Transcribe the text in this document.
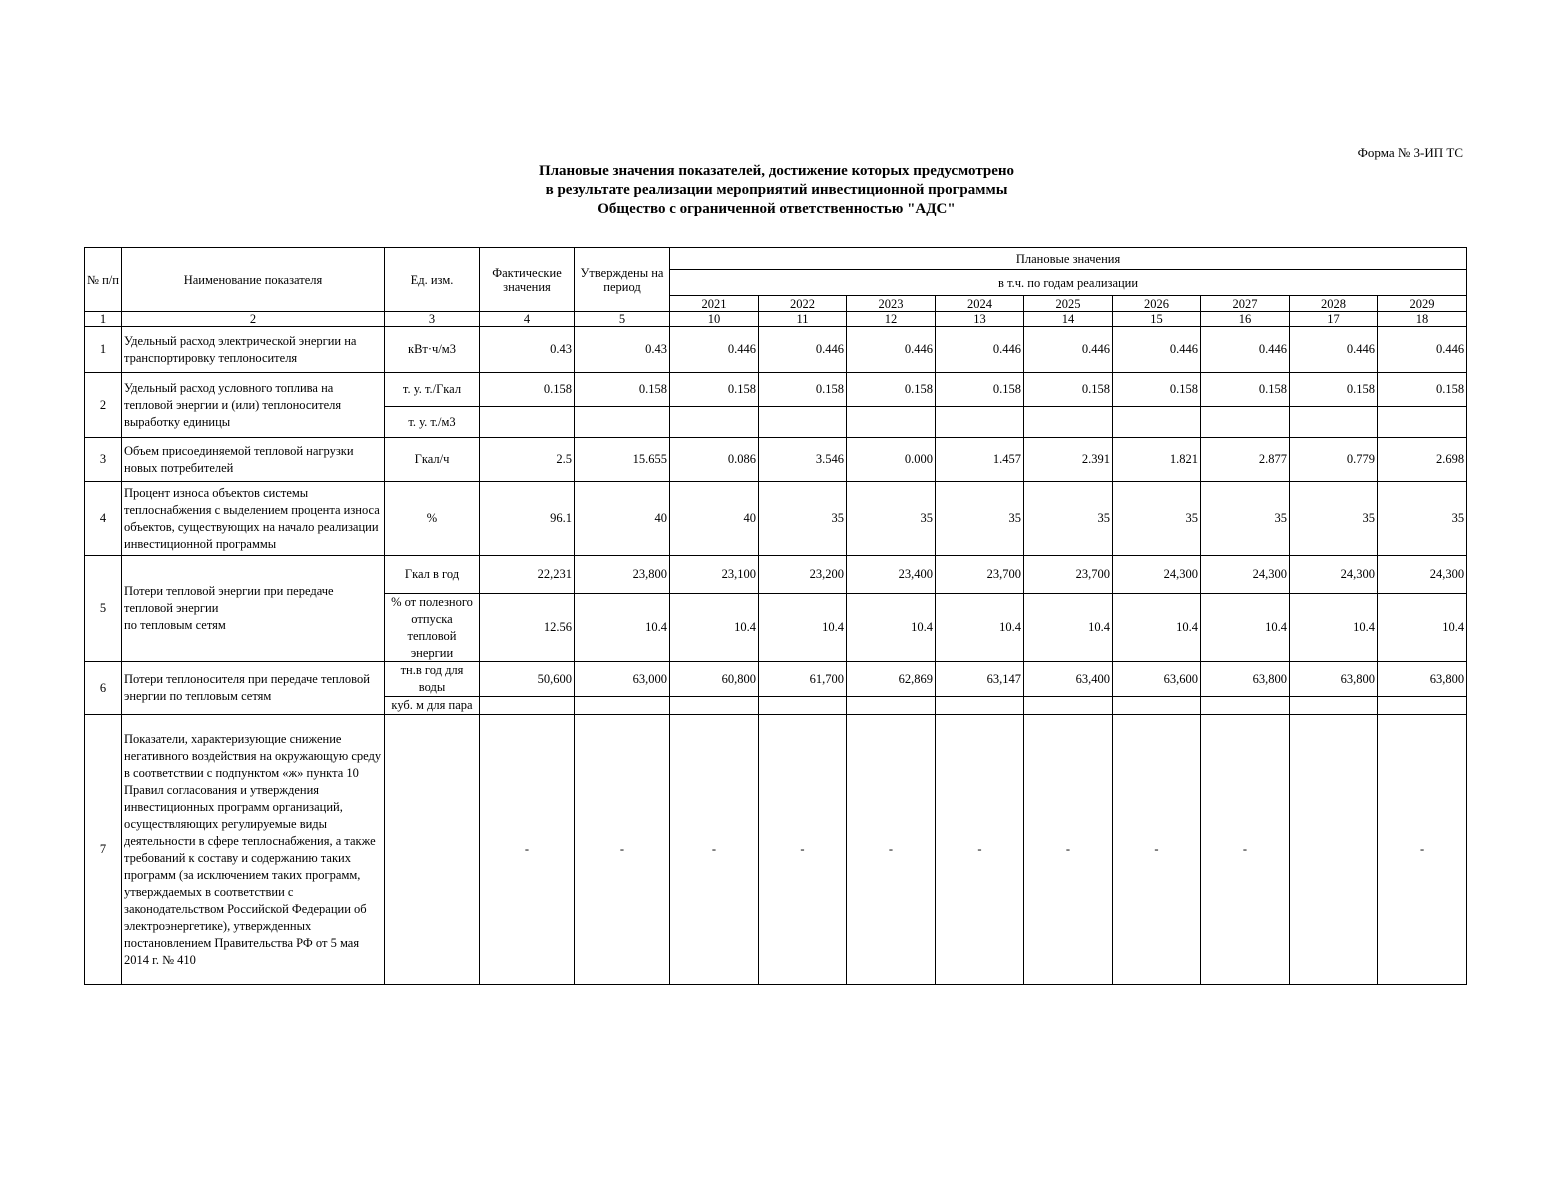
Форма № 3-ИП ТС
Плановые значения показателей, достижение которых предусмотрено
в результате реализации мероприятий инвестиционной программы
Общество с ограниченной ответственностью "АДС"
№ п/п	Наименование показателя	Ед. изм.	Фактические значения	Утверждены на период	Плановые значения								
					в т.ч. по годам реализации								
					2021	2022	2023	2024	2025	2026	2027	2028	2029
1	2	3	4	5	10	11	12	13	14	15	16	17	18
1	Удельный расход электрической энергии на транспортировку теплоносителя	кВт·ч/м3	0.43	0.43	0.446	0.446	0.446	0.446	0.446	0.446	0.446	0.446	0.446
2	Удельный расход условного топлива на тепловой энергии и (или) теплоносителя выработку единицы	т. у. т./Гкал	0.158	0.158	0.158	0.158	0.158	0.158	0.158	0.158	0.158	0.158	0.158
		т. у. т./м3											
3	Объем присоединяемой тепловой нагрузки новых потребителей	Гкал/ч	2.5	15.655	0.086	3.546	0.000	1.457	2.391	1.821	2.877	0.779	2.698
4	Процент износа объектов системы теплоснабжения с выделением процента износа объектов, существующих на начало реализации инвестиционной программы	%	96.1	40	40	35	35	35	35	35	35	35	35
5	Потери тепловой энергии при передаче
тепловой энергии
по тепловым сетям	Гкал в год	22,231	23,800	23,100	23,200	23,400	23,700	23,700	24,300	24,300	24,300	24,300

		% от полезного отпуска тепловой энергии	12.56	10.4	10.4	10.4	10.4	10.4	10.4	10.4	10.4	10.4	10.4
6	Потери теплоносителя при передаче тепловой энергии по тепловым сетям	тн.в год для воды	50,600	63,000	60,800	61,700	62,869	63,147	63,400	63,600	63,800	63,800	63,800
		куб. м для пара											
7	Показатели, характеризующие снижение негативного воздействия на окружающую среду в соответствии с подпунктом «ж» пункта 10 Правил согласования и утверждения инвестиционных программ организаций, осуществляющих регулируемые виды деятельности в сфере теплоснабжения, а также требований к составу и содержанию таких программ (за исключением таких программ, утверждаемых в соответствии с законодательством Российской Федерации об электроэнергетике), утвержденных постановлением Правительства РФ от 5 мая 2014 г. № 410		-	-	-	-	-	-	-	-	-		-
